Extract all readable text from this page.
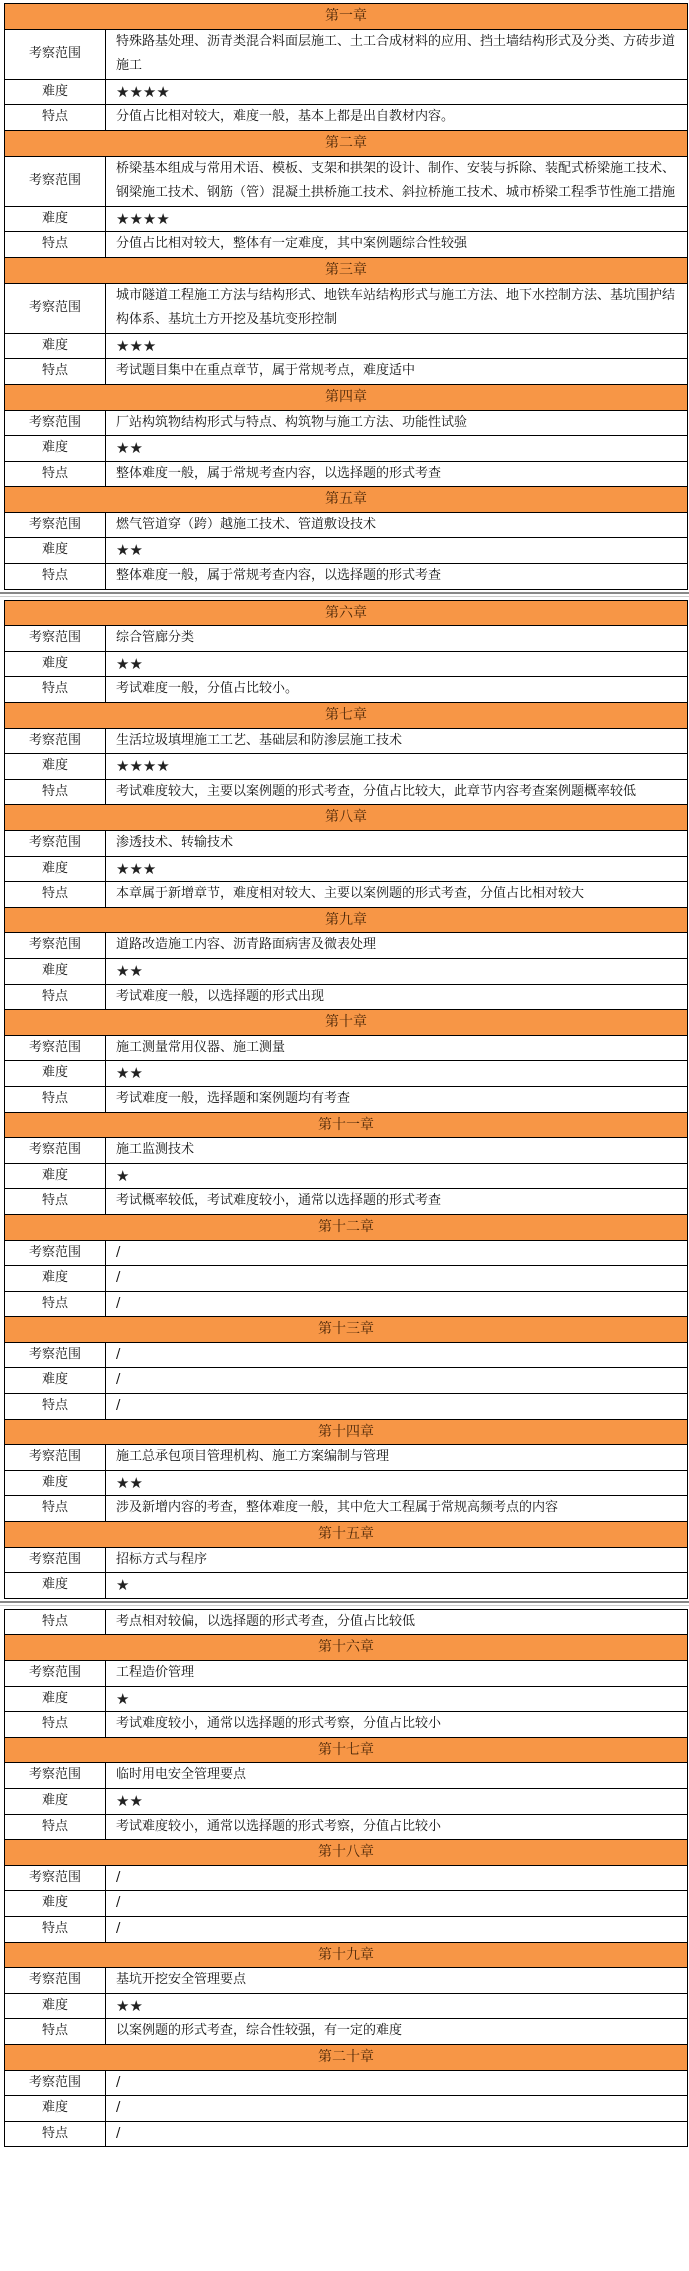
第一章	
考察范围	特殊路基处理、沥青类混合料面层施工、土工合成材料的应用、挡土墙结构形式及分类、方砖步道施工
难度	★★★★
特点	分值占比相对较大，难度一般，基本上都是出自教材内容。
第二章	
考察范围	桥梁基本组成与常用术语、模板、支架和拱架的设计、制作、安装与拆除、装配式桥梁施工技术、钢梁施工技术、钢筋（管）混凝土拱桥施工技术、斜拉桥施工技术、城市桥梁工程季节性施工措施
难度	★★★★
特点	分值占比相对较大，整体有一定难度，其中案例题综合性较强
第三章	
考察范围	城市隧道工程施工方法与结构形式、地铁车站结构形式与施工方法、地下水控制方法、基坑围护结构体系、基坑土方开挖及基坑变形控制
难度	★★★
特点	考试题目集中在重点章节，属于常规考点，难度适中
第四章	
考察范围	厂站构筑物结构形式与特点、构筑物与施工方法、功能性试验
难度	★★
特点	整体难度一般，属于常规考查内容，以选择题的形式考查
第五章	
考察范围	燃气管道穿（跨）越施工技术、管道敷设技术
难度	★★
特点	整体难度一般，属于常规考查内容，以选择题的形式考查
第六章	
考察范围	综合管廊分类
难度	★★
特点	考试难度一般，分值占比较小。
第七章	
考察范围	生活垃圾填埋施工工艺、基础层和防渗层施工技术
难度	★★★★
特点	考试难度较大，主要以案例题的形式考查，分值占比较大，此章节内容考查案例题概率较低
第八章	
考察范围	渗透技术、转输技术
难度	★★★
特点	本章属于新增章节，难度相对较大、主要以案例题的形式考查，分值占比相对较大
第九章	
考察范围	道路改造施工内容、沥青路面病害及微表处理
难度	★★
特点	考试难度一般，以选择题的形式出现
第十章	
考察范围	施工测量常用仪器、施工测量
难度	★★
特点	考试难度一般，选择题和案例题均有考查
第十一章	
考察范围	施工监测技术
难度	★
特点	考试概率较低，考试难度较小，通常以选择题的形式考查
第十二章	
考察范围	/
难度	/
特点	/
第十三章	
考察范围	/
难度	/
特点	/
第十四章	
考察范围	施工总承包项目管理机构、施工方案编制与管理
难度	★★
特点	涉及新增内容的考查，整体难度一般，其中危大工程属于常规高频考点的内容
第十五章	
考察范围	招标方式与程序
难度	★
特点	考点相对较偏，以选择题的形式考查，分值占比较低
第十六章	
考察范围	工程造价管理
难度	★
特点	考试难度较小，通常以选择题的形式考察，分值占比较小
第十七章	
考察范围	临时用电安全管理要点
难度	★★
特点	考试难度较小，通常以选择题的形式考察，分值占比较小
第十八章	
考察范围	/
难度	/
特点	/
第十九章	
考察范围	基坑开挖安全管理要点
难度	★★
特点	以案例题的形式考查，综合性较强，有一定的难度
第二十章	
考察范围	/
难度	/
特点	/
